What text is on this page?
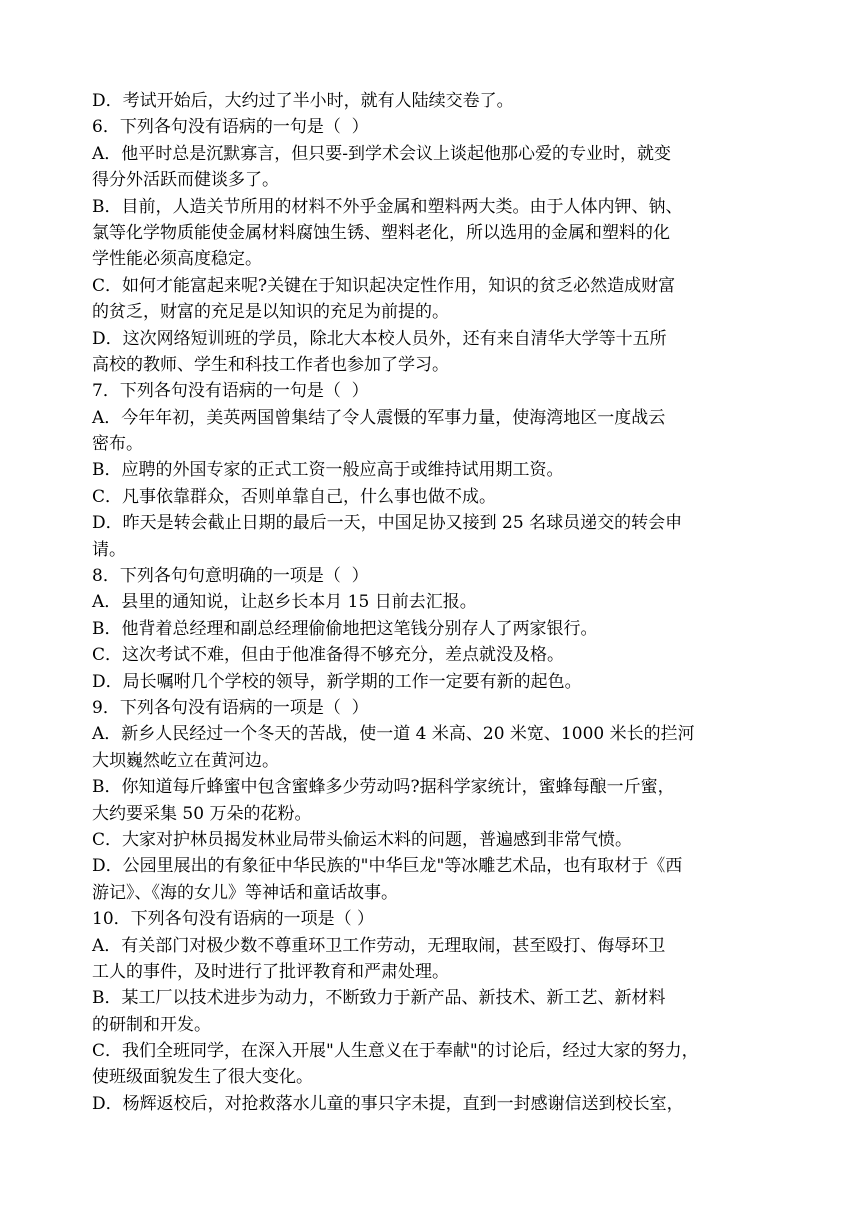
D．考试开始后，大约过了半小时，就有人陆续交卷了。
6．下列各句没有语病的一句是（  ）
A．他平时总是沉默寡言，但只要-到学术会议上谈起他那心爱的专业时，就变
得分外活跃而健谈多了。
B．目前，人造关节所用的材料不外乎金属和塑料两大类。由于人体内钾、钠、
氯等化学物质能使金属材料腐蚀生锈、塑料老化，所以选用的金属和塑料的化
学性能必须高度稳定。
C．如何才能富起来呢?关键在于知识起决定性作用，知识的贫乏必然造成财富
的贫乏，财富的充足是以知识的充足为前提的。
D．这次网络短训班的学员，除北大本校人员外，还有来自清华大学等十五所
高校的教师、学生和科技工作者也参加了学习。
7．下列各句没有语病的一句是（  ）
A．今年年初，美英两国曾集结了令人震慑的军事力量，使海湾地区一度战云
密布。
B．应聘的外国专家的正式工资一般应高于或维持试用期工资。
C．凡事依靠群众，否则单靠自己，什么事也做不成。
D．昨天是转会截止日期的最后一天，中国足协又接到 25 名球员递交的转会申
请。
8．下列各句句意明确的一项是（  ）
A．县里的通知说，让赵乡长本月 15 日前去汇报。
B．他背着总经理和副总经理偷偷地把这笔钱分别存人了两家银行。
C．这次考试不难，但由于他准备得不够充分，差点就没及格。
D．局长嘱咐几个学校的领导，新学期的工作一定要有新的起色。
9．下列各句没有语病的一项是（  ）
A．新乡人民经过一个冬天的苦战，使一道 4 米高、20 米宽、1000 米长的拦河
大坝巍然屹立在黄河边。
B．你知道每斤蜂蜜中包含蜜蜂多少劳动吗?据科学家统计，蜜蜂每酿一斤蜜，
大约要采集 50 万朵的花粉。
C．大家对护林员揭发林业局带头偷运木料的问题，普遍感到非常气愤。
D．公园里展出的有象征中华民族的"中华巨龙"等冰雕艺术品，也有取材于《西
游记》、《海的女儿》等神话和童话故事。
10．下列各句没有语病的一项是（ ）
A．有关部门对极少数不尊重环卫工作劳动，无理取闹，甚至殴打、侮辱环卫
工人的事件，及时进行了批评教育和严肃处理。
B．某工厂以技术进步为动力，不断致力于新产品、新技术、新工艺、新材料
的研制和开发。
C．我们全班同学，在深入开展"人生意义在于奉献"的讨论后，经过大家的努力，
使班级面貌发生了很大变化。
D．杨辉返校后，对抢救落水儿童的事只字未提，直到一封感谢信送到校长室，
